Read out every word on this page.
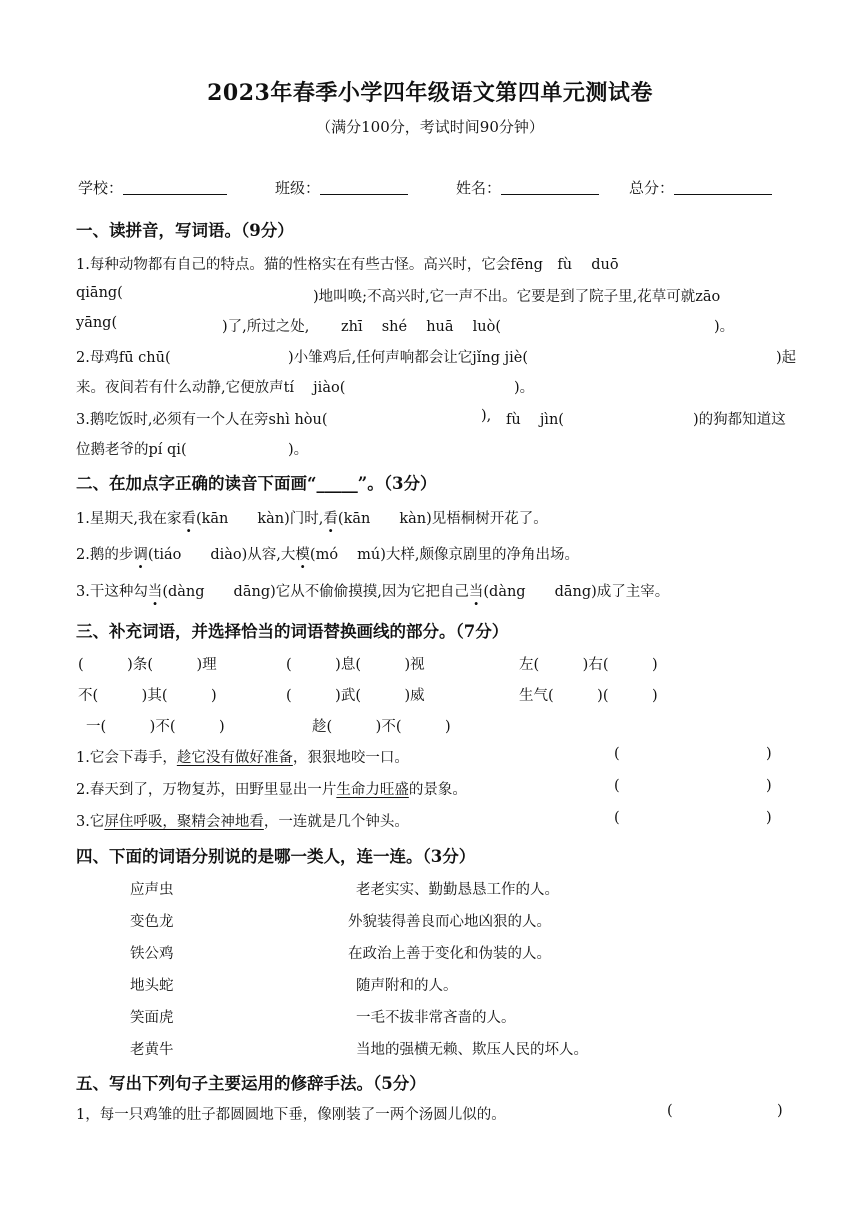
2023年春季小学四年级语文第四单元测试卷
（满分100分，考试时间90分钟）
学校：	班级：	姓名：	总分：
一、读拼音，写词语。（9分）
1.每种动物都有自己的特点。猫的性格实在有些古怪。高兴时，它会fēng　fù　 duō
qiāng(	)地叫唤;不高兴时,它一声不出。它要是到了院子里,花草可就zāo
yāng(	)了,所过之处, zhī　 shé　 huā　 luò(	)。
2.母鸡fū chū(	)小雏鸡后,任何声响都会让它jǐng jiè(	)起
来。夜间若有什么动静,它便放声tí　 jiào(	)。
3.鹅吃饭时,必须有一个人在旁shì hòu(	), fù　 jìn(	)的狗都知道这
位鹅老爷的pí qi(	)。
二、在加点字正确的读音下面画“_____”。（3分）
1.星期天,我在家看(kān　　kàn)门时,看(kān　　kàn)见梧桐树开花了。
2.鹅的步调(tiáo　　diào)从容,大模(mó　 mú)大样,颇像京剧里的净角出场。
3.干这种勾当(dàng　　dāng)它从不偷偷摸摸,因为它把自己当(dàng　　dāng)成了主宰。
三、补充词语，并选择恰当的词语替换画线的部分。（7分）
(　　　)条(　　　)理	(　　　)息(　　　)视	左(　　　)右(　　　)
不(　　　)其(　　　)	(　　　)武(　　　)威	生气(　　　)(　　　)
一(　　　)不(　　　)	趁(　　　)不(　　　)
1.它会下毒手，趁它没有做好准备，狠狠地咬一口。	(	)
2.春天到了，万物复苏，田野里显出一片生命力旺盛的景象。	(	)
3.它屏住呼吸，聚精会神地看，一连就是几个钟头。	(	)
四、下面的词语分别说的是哪一类人，连一连。（3分）
应声虫
变色龙
铁公鸡
地头蛇
笑面虎
老黄牛
老老实实、勤勤恳恳工作的人。
外貌装得善良而心地凶狠的人。
在政治上善于变化和伪装的人。
随声附和的人。
一毛不拔非常吝啬的人。
当地的强横无赖、欺压人民的坏人。
五、写出下列句子主要运用的修辞手法。（5分）
1，每一只鸡雏的肚子都圆圆地下垂，像刚装了一两个汤圆儿似的。	(	)
